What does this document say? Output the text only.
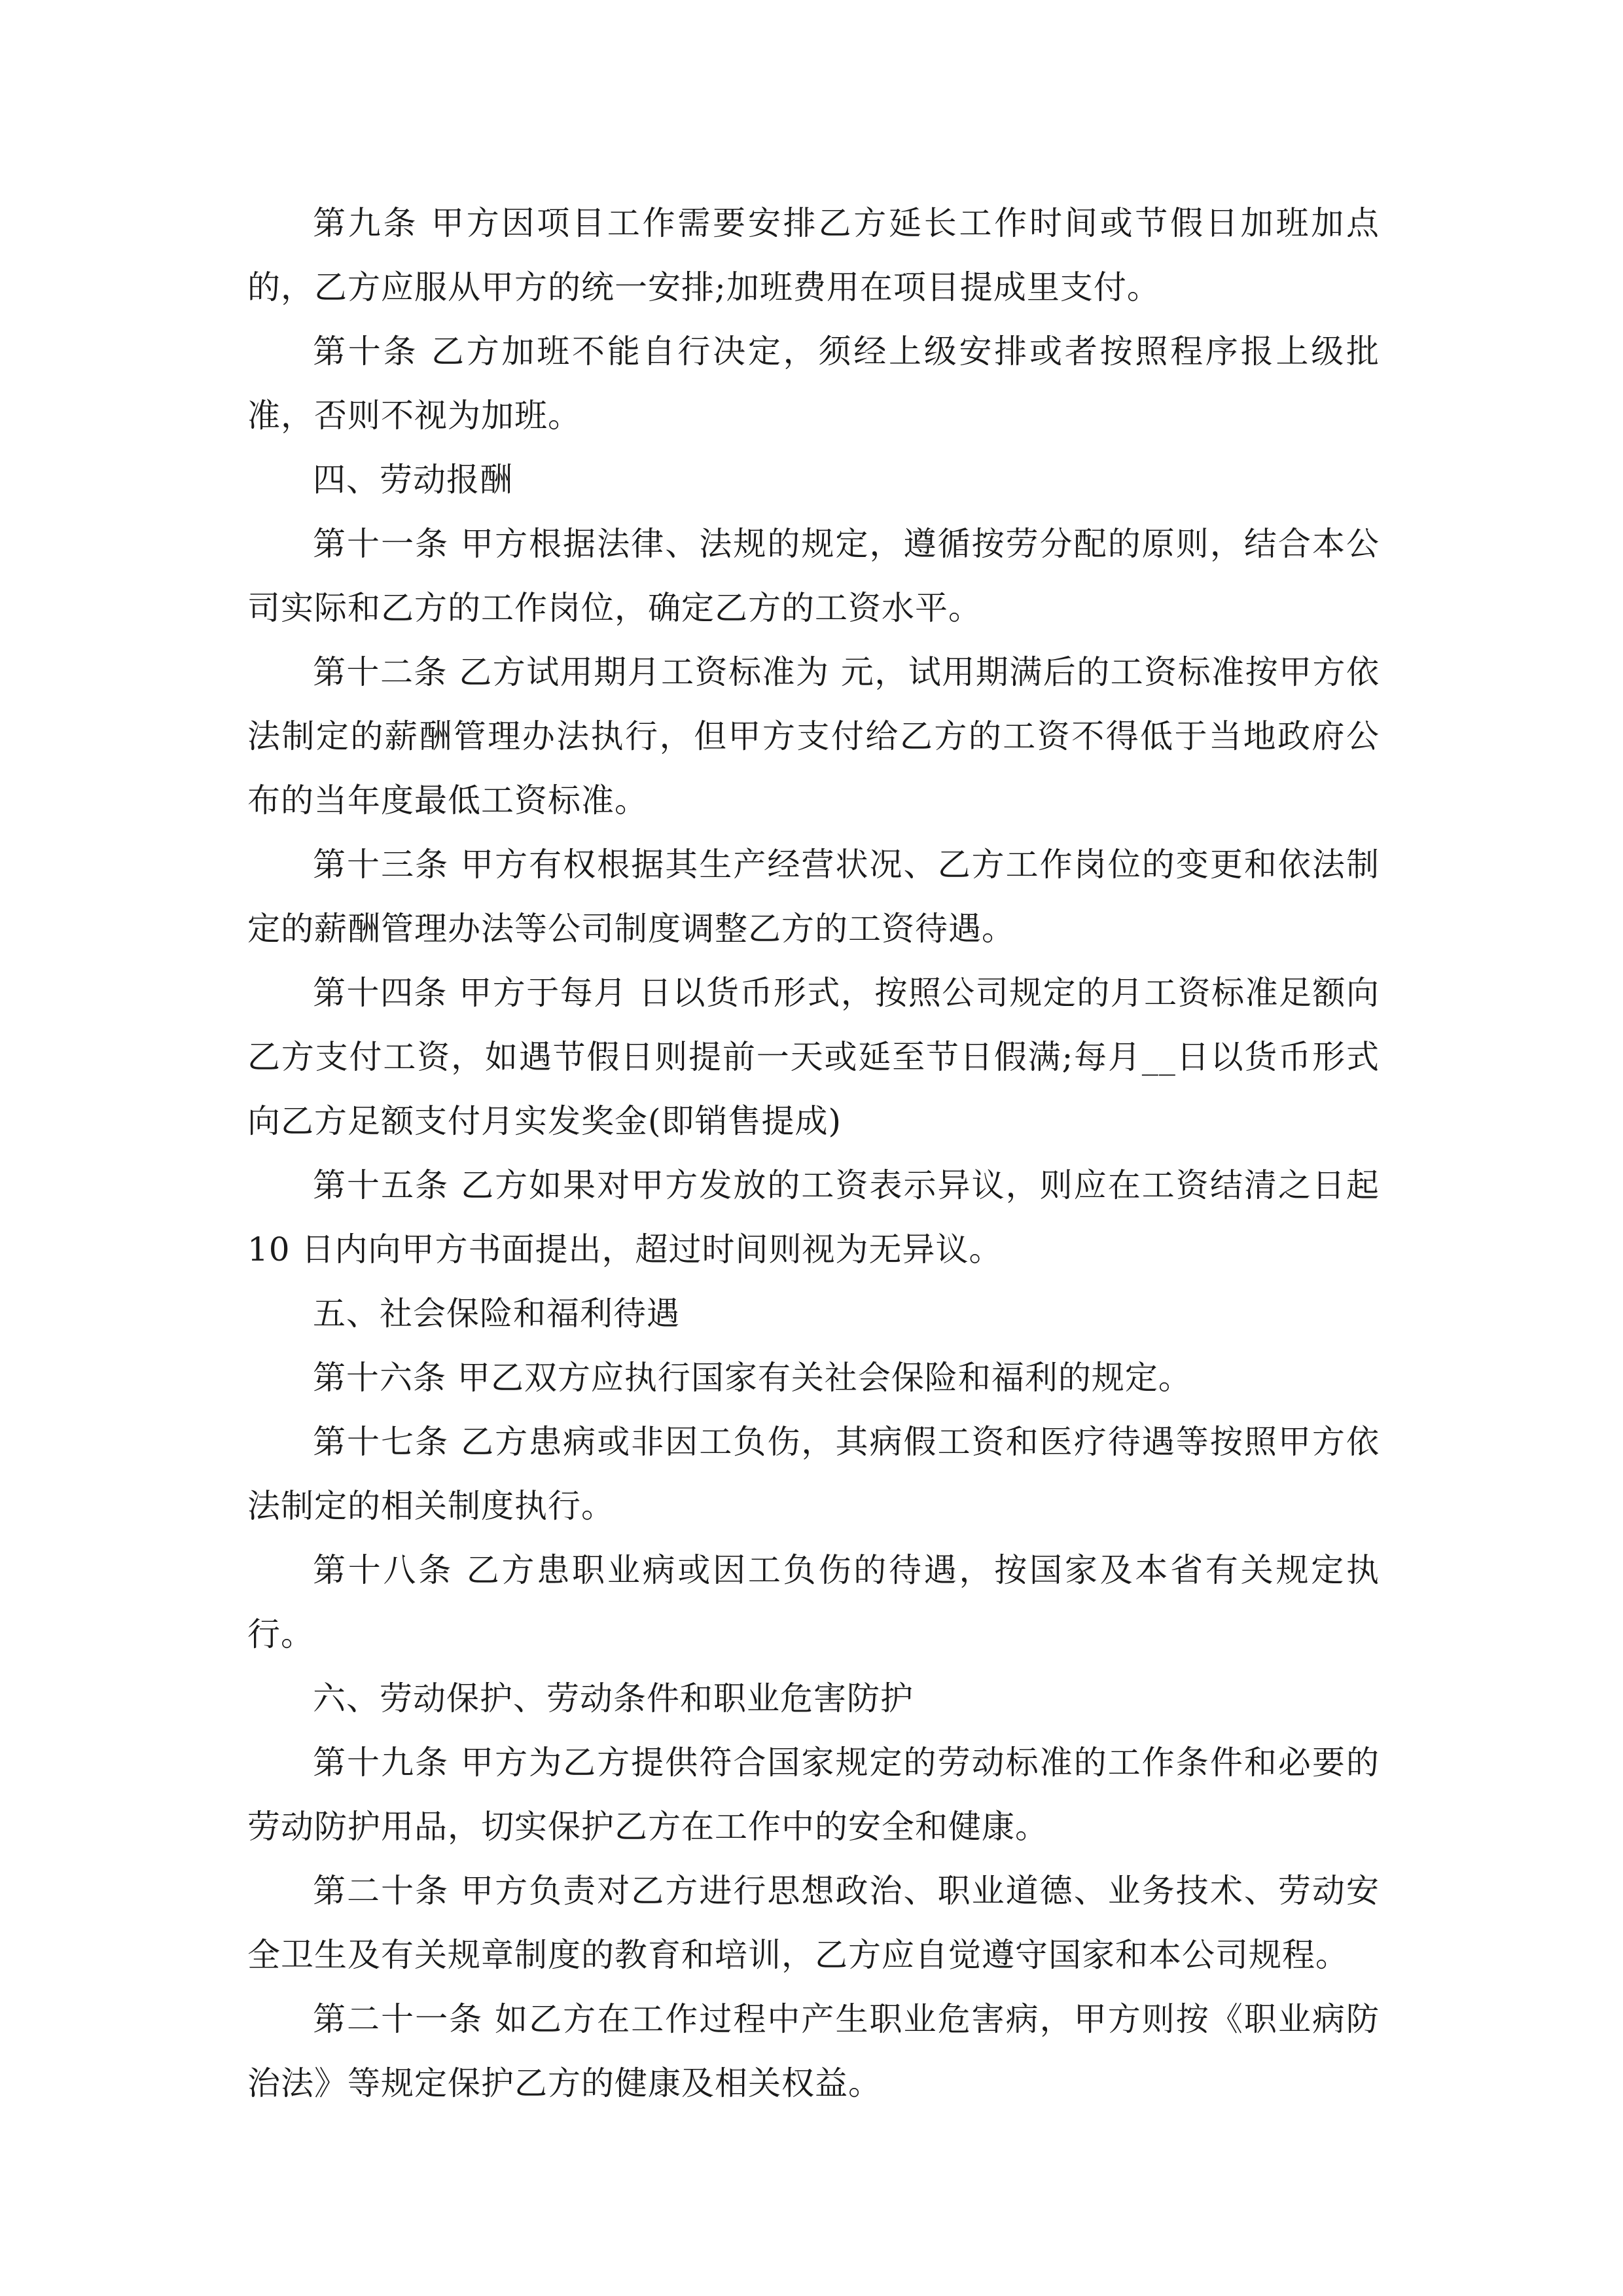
第九条 甲方因项目工作需要安排乙方延长工作时间或节假日加班加点的，乙方应服从甲方的统一安排;加班费用在项目提成里支付。

第十条 乙方加班不能自行决定，须经上级安排或者按照程序报上级批准，否则不视为加班。

四、劳动报酬

第十一条 甲方根据法律、法规的规定，遵循按劳分配的原则，结合本公司实际和乙方的工作岗位，确定乙方的工资水平。

第十二条 乙方试用期月工资标准为 元，试用期满后的工资标准按甲方依法制定的薪酬管理办法执行，但甲方支付给乙方的工资不得低于当地政府公布的当年度最低工资标准。

第十三条 甲方有权根据其生产经营状况、乙方工作岗位的变更和依法制定的薪酬管理办法等公司制度调整乙方的工资待遇。

第十四条 甲方于每月 日以货币形式，按照公司规定的月工资标准足额向乙方支付工资，如遇节假日则提前一天或延至节日假满;每月__日以货币形式向乙方足额支付月实发奖金(即销售提成)

第十五条 乙方如果对甲方发放的工资表示异议，则应在工资结清之日起 10 日内向甲方书面提出，超过时间则视为无异议。

五、社会保险和福利待遇

第十六条 甲乙双方应执行国家有关社会保险和福利的规定。

第十七条 乙方患病或非因工负伤，其病假工资和医疗待遇等按照甲方依法制定的相关制度执行。

第十八条 乙方患职业病或因工负伤的待遇，按国家及本省有关规定执行。

六、劳动保护、劳动条件和职业危害防护

第十九条 甲方为乙方提供符合国家规定的劳动标准的工作条件和必要的劳动防护用品，切实保护乙方在工作中的安全和健康。

第二十条 甲方负责对乙方进行思想政治、职业道德、业务技术、劳动安全卫生及有关规章制度的教育和培训，乙方应自觉遵守国家和本公司规程。

第二十一条 如乙方在工作过程中产生职业危害病，甲方则按《职业病防治法》等规定保护乙方的健康及相关权益。
